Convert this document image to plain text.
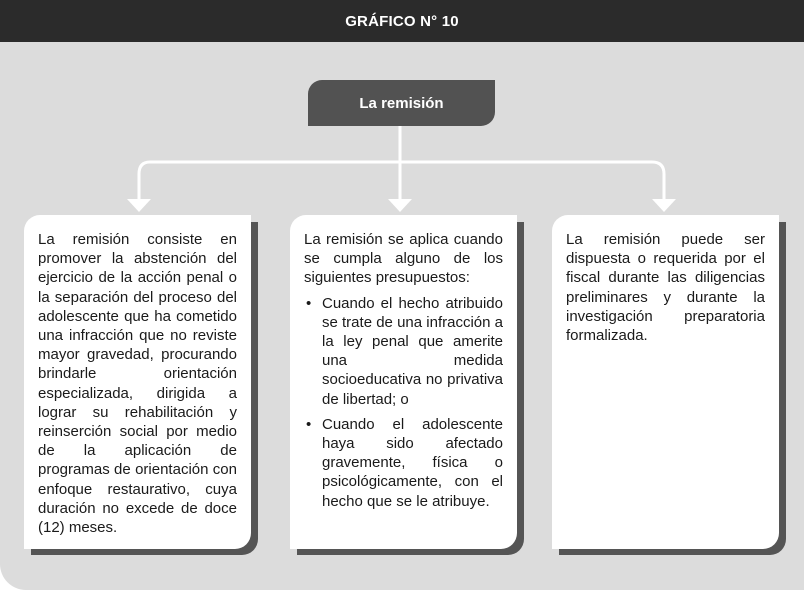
GRÁFICO N° 10
La remisión

La remisión consiste en promover la abstención del ejercicio de la acción penal o la separación del proceso del adolescente que ha cometido una infracción que no reviste mayor gravedad, procurando brindarle orientación especializada, dirigida a lograr su rehabilitación y reinserción social por medio de la aplicación de programas de orientación con enfoque restaurativo, cuya duración no excede de doce (12) meses.

La remisión se aplica cuando se cumpla alguno de los siguientes presupuestos:

• Cuando el hecho atribuido se trate de una infracción a la ley penal que amerite una medida socioeducativa no privativa de libertad; o
• Cuando el adolescente haya sido afectado gravemente, física o psicológicamente, con el hecho que se le atribuye.

La remisión puede ser dispuesta o requerida por el fiscal durante las diligencias preliminares y durante la investigación preparatoria formalizada.
